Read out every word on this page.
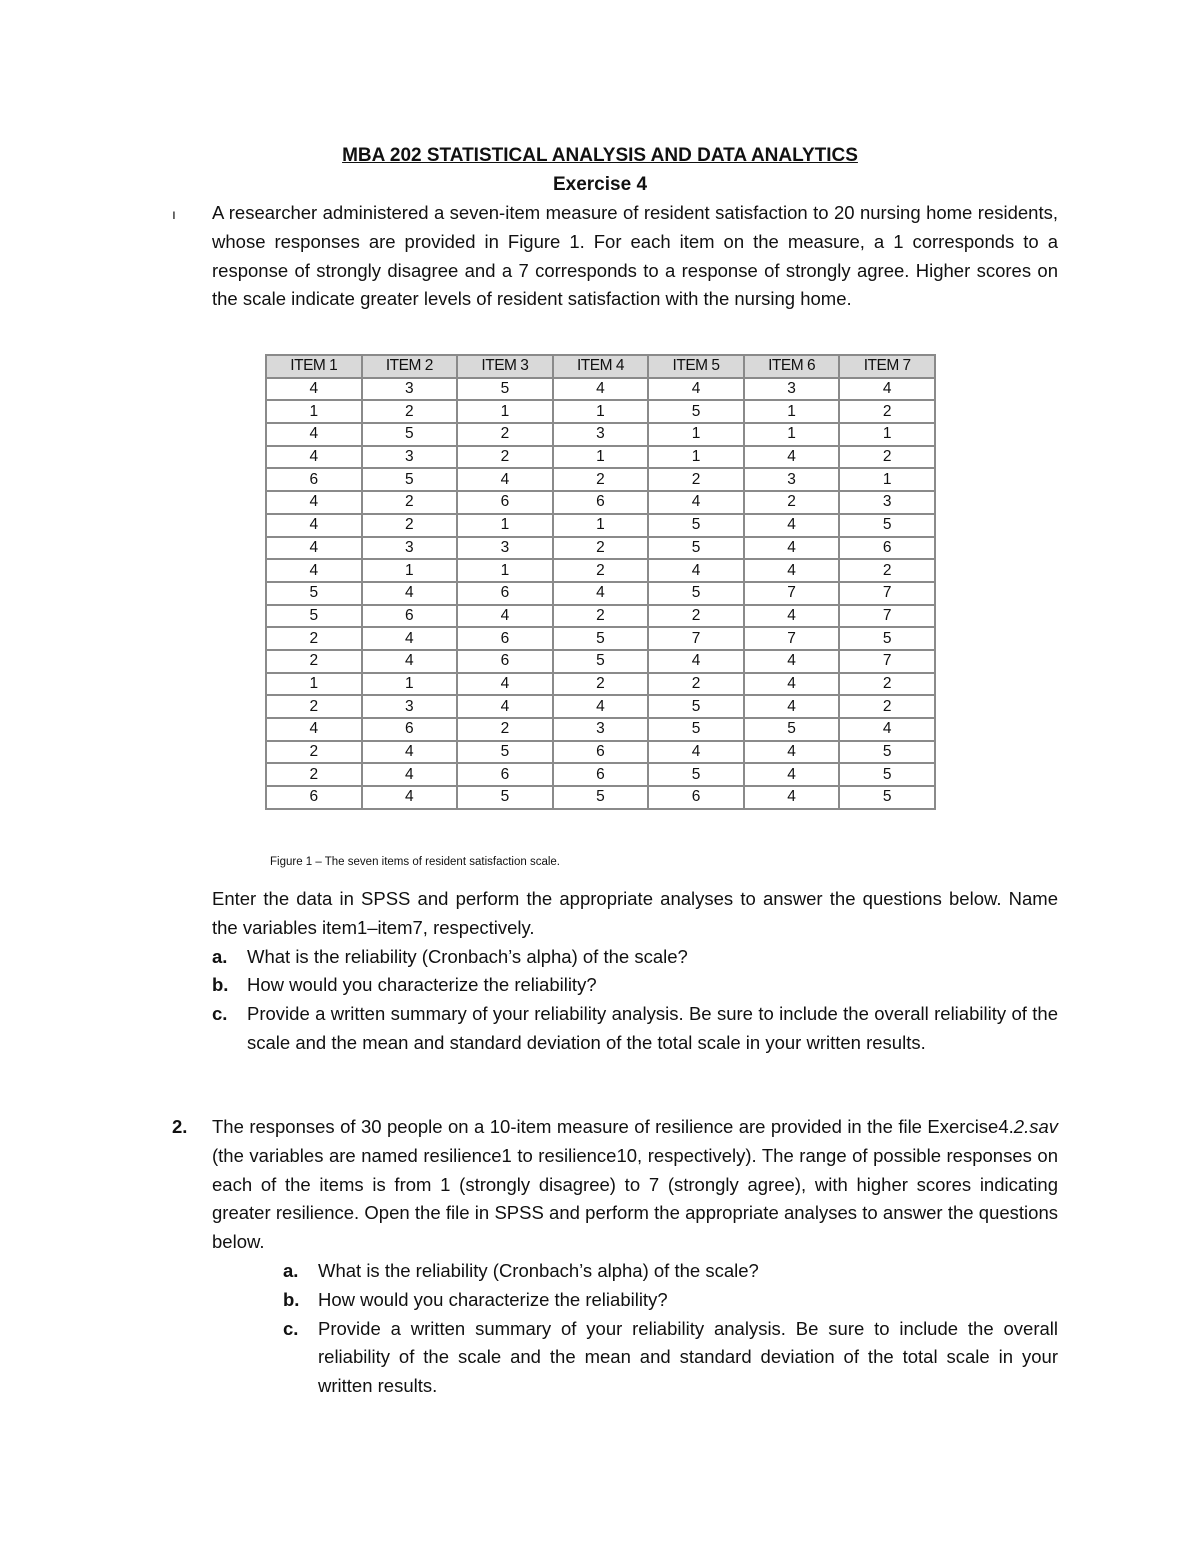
MBA 202 STATISTICAL ANALYSIS AND DATA ANALYTICS
Exercise 4
ı A researcher administered a seven-item measure of resident satisfaction to 20 nursing home residents, whose responses are provided in Figure 1. For each item on the measure, a 1 corresponds to a response of strongly disagree and a 7 corresponds to a response of strongly agree. Higher scores on the scale indicate greater levels of resident satisfaction with the nursing home.
ITEM 1	ITEM 2	ITEM 3	ITEM 4	ITEM 5	ITEM 6	ITEM 7
4	3	5	4	4	3	4
1	2	1	1	5	1	2
4	5	2	3	1	1	1
4	3	2	1	1	4	2
6	5	4	2	2	3	1
4	2	6	6	4	2	3
4	2	1	1	5	4	5
4	3	3	2	5	4	6
4	1	1	2	4	4	2
5	4	6	4	5	7	7
5	6	4	2	2	4	7
2	4	6	5	7	7	5
2	4	6	5	4	4	7
1	1	4	2	2	4	2
2	3	4	4	5	4	2
4	6	2	3	5	5	4
2	4	5	6	4	4	5
2	4	6	6	5	4	5
6	4	5	5	6	4	5
Figure 1 – The seven items of resident satisfaction scale.
Enter the data in SPSS and perform the appropriate analyses to answer the questions below. Name the variables item1–item7, respectively.
a. What is the reliability (Cronbach’s alpha) of the scale?
b. How would you characterize the reliability?
c. Provide a written summary of your reliability analysis. Be sure to include the overall reliability of the scale and the mean and standard deviation of the total scale in your written results.
2. The responses of 30 people on a 10-item measure of resilience are provided in the file Exercise4.2.sav (the variables are named resilience1 to resilience10, respectively). The range of possible responses on each of the items is from 1 (strongly disagree) to 7 (strongly agree), with higher scores indicating greater resilience. Open the file in SPSS and perform the appropriate analyses to answer the questions below.
a. What is the reliability (Cronbach’s alpha) of the scale?
b. How would you characterize the reliability?
c. Provide a written summary of your reliability analysis. Be sure to include the overall reliability of the scale and the mean and standard deviation of the total scale in your written results.
